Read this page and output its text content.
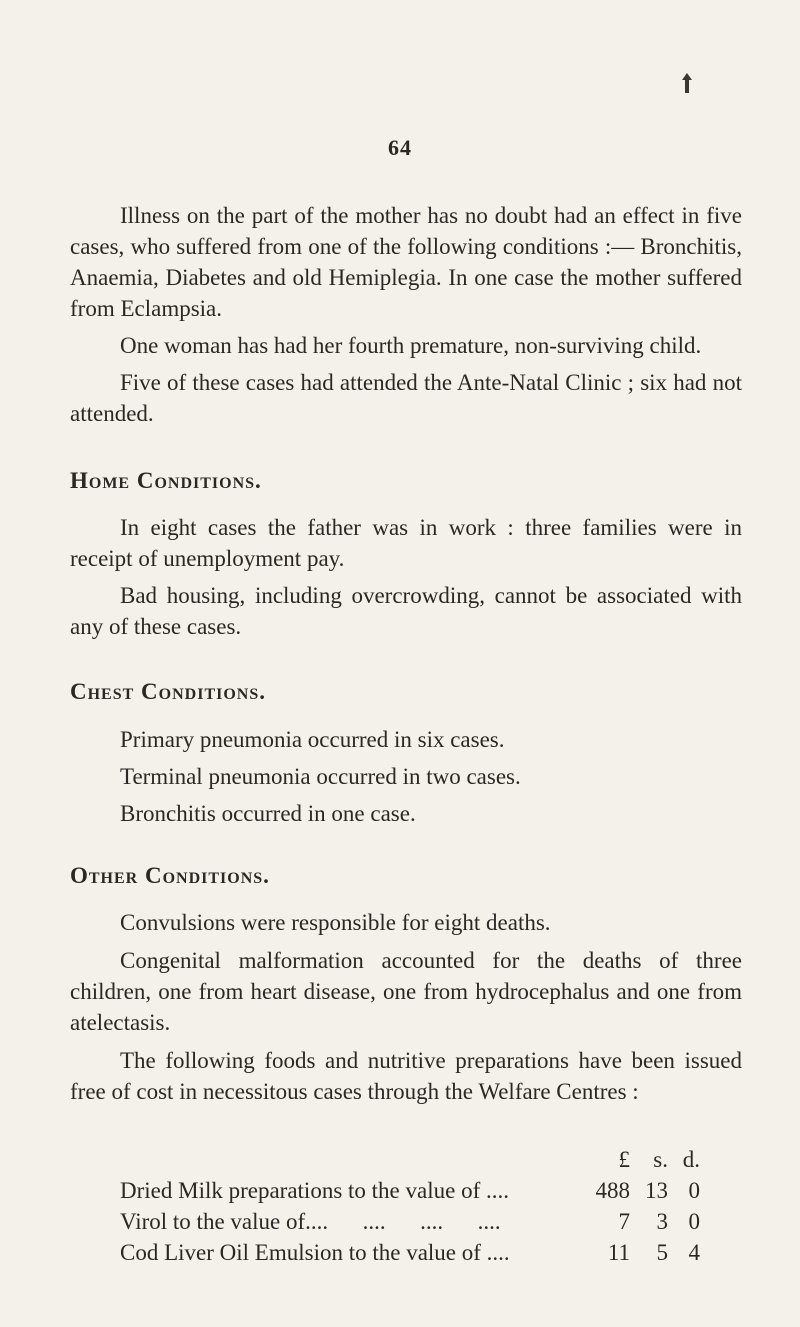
64

Illness on the part of the mother has no doubt had an effect in five cases, who suffered from one of the following conditions :— Bronchitis, Anaemia, Diabetes and old Hemiplegia. In one case the mother suffered from Eclampsia.

One woman has had her fourth premature, non-surviving child.

Five of these cases had attended the Ante-Natal Clinic ; six had not attended.

Home Conditions.

In eight cases the father was in work : three families were in receipt of unemployment pay.

Bad housing, including overcrowding, cannot be associated with any of these cases.

Chest Conditions.

Primary pneumonia occurred in six cases.

Terminal pneumonia occurred in two cases.

Bronchitis occurred in one case.

Other Conditions.

Convulsions were responsible for eight deaths.

Congenital malformation accounted for the deaths of three children, one from heart disease, one from hydrocephalus and one from atelectasis.

The following foods and nutritive preparations have been issued free of cost in necessitous cases through the Welfare Centres :

£	s. d.
Dried Milk preparations to the value of ....	488 13 0
Virol to the value of....      ....      ....      ....	7	3 0
Cod Liver Oil Emulsion to the value of ....	11	5 4
